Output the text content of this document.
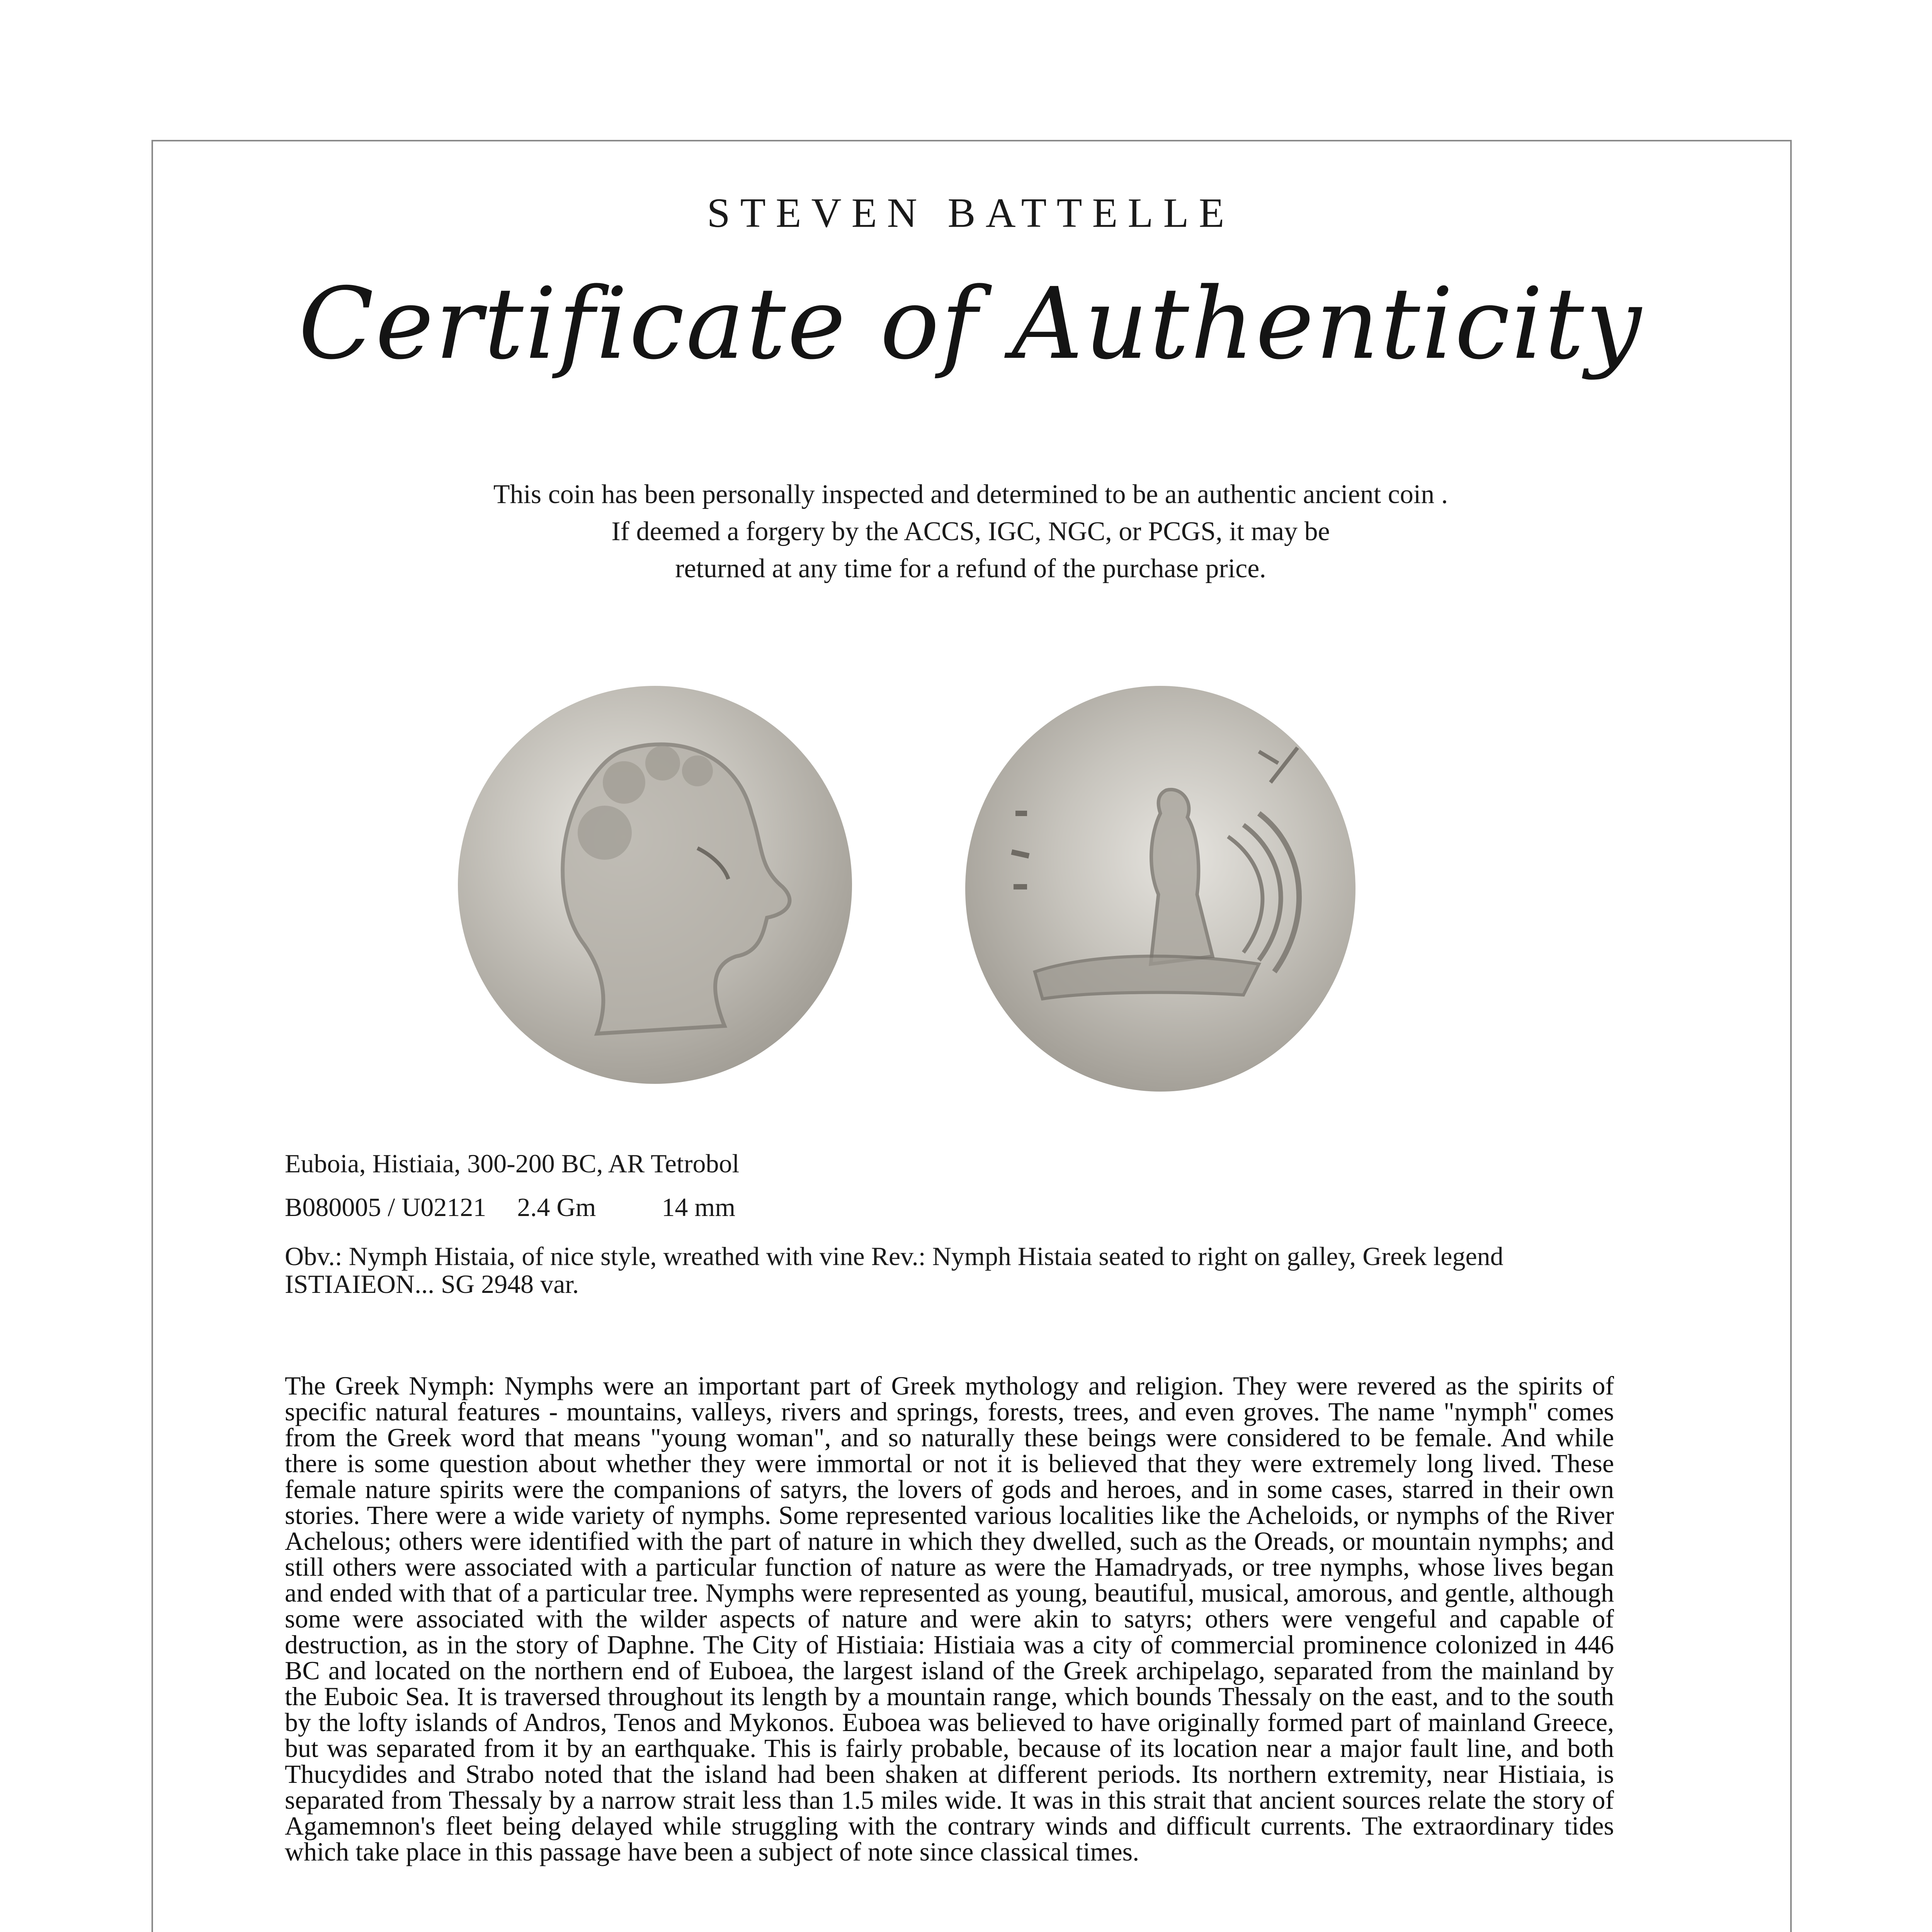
STEVEN BATTELLE
Certificate of Authenticity
This coin has been personally inspected and determined to be an authentic ancient coin .
If deemed a forgery by the ACCS, IGC, NGC, or PCGS, it may be
returned at any time for a refund of the purchase price.
Euboia, Histiaia, 300-200 BC, AR Tetrobol
B080005 / U02121 2.4 Gm	14 mm
Obv.: Nymph Histaia, of nice style, wreathed with vine Rev.: Nymph Histaia seated to right on galley, Greek legend ISTIAIEON... SG 2948 var.
The Greek Nymph: Nymphs were an important part of Greek mythology and religion. They were revered as the spirits of specific natural features - mountains, valleys, rivers and springs, forests, trees, and even groves. The name "nymph" comes from the Greek word that means "young woman", and so naturally these beings were considered to be female. And while there is some question about whether they were immortal or not it is believed that they were extremely long lived. These female nature spirits were the companions of satyrs, the lovers of gods and heroes, and in some cases, starred in their own stories. There were a wide variety of nymphs. Some represented various localities like the Acheloids, or nymphs of the River Achelous; others were identified with the part of nature in which they dwelled, such as the Oreads, or mountain nymphs; and still others were associated with a particular function of nature as were the Hamadryads, or tree nymphs, whose lives began and ended with that of a particular tree. Nymphs were represented as young, beautiful, musical, amorous, and gentle, although some were associated with the wilder aspects of nature and were akin to satyrs; others were vengeful and capable of destruction, as in the story of Daphne. The City of Histiaia: Histiaia was a city of commercial prominence colonized in 446 BC and located on the northern end of Euboea, the largest island of the Greek archipelago, separated from the mainland by the Euboic Sea. It is traversed throughout its length by a mountain range, which bounds Thessaly on the east, and to the south by the lofty islands of Andros, Tenos and Mykonos. Euboea was believed to have originally formed part of mainland Greece, but was separated from it by an earthquake. This is fairly probable, because of its location near a major fault line, and both Thucydides and Strabo noted that the island had been shaken at different periods. Its northern extremity, near Histiaia, is separated from Thessaly by a narrow strait less than 1.5 miles wide. It was in this strait that ancient sources relate the story of Agamemnon's fleet being delayed while struggling with the contrary winds and difficult currents. The extraordinary tides which take place in this passage have been a subject of note since classical times.
